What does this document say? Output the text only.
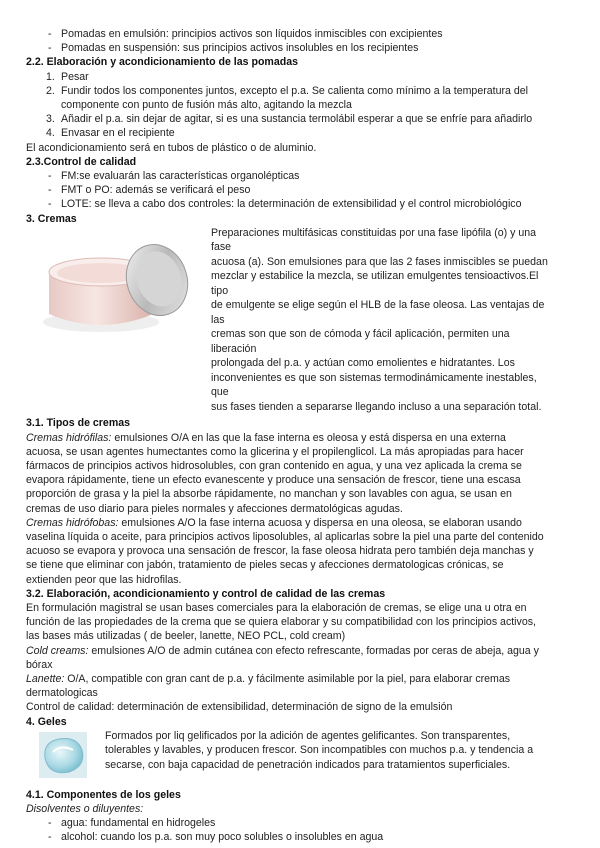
- Pomadas en emulsión: principios activos son líquidos inmiscibles con excipientes

- Pomadas en suspensión: sus principios activos insolubles en los recipientes

2.2. Elaboración y acondicionamiento de las pomadas

1. Pesar

2. Fundir todos los componentes juntos, excepto el p.a. Se calienta como mínimo a la temperatura del

componente con punto de fusión más alto, agitando la mezcla

3. Añadir el p.a. sin dejar de agitar, si es una sustancia termolábil esperar a que se enfríe para añadirlo

4. Envasar en el recipiente

El acondicionamiento será en tubos de plástico o de aluminio.

2.3.Control de calidad

- FM:se evaluarán las características organolépticas

- FMT o PO: además se verificará el peso

- LOTE: se lleva a cabo dos controles: la determinación de extensibilidad y el control microbiológico

3. Cremas

Preparaciones multifásicas constituidas por una fase lipófila (o) y una fase

acuosa (a). Son emulsiones para que las 2 fases inmiscibles se puedan

mezclar y estabilice la mezcla, se utilizan emulgentes tensioactivos.El tipo

de emulgente se elige según el HLB de la fase oleosa. Las ventajas de las

cremas son que son de cómoda y fácil aplicación, permiten una liberación

prolongada del p.a. y actúan como emolientes e hidratantes. Los

inconvenientes es que son sistemas termodinámicamente inestables, que

sus fases tienden a separarse llegando incluso a una separación total.

3.1. Tipos de cremas

Cremas hidrófilas: emulsiones O/A en las que la fase interna es oleosa y está dispersa en una externa

acuosa, se usan agentes humectantes como la glicerina y el propilenglicol. La más apropiadas para hacer

fármacos de principios activos hidrosolubles, con gran contenido en agua, y una vez aplicada la crema se

evapora rápidamente, tiene un efecto evanescente y produce una sensación de frescor, tiene una escasa

proporción de grasa y la piel la absorbe rápidamente, no manchan y son lavables con agua, se usan en

cremas de uso diario para pieles normales y afecciones dermatológicas agudas.

Cremas hidrófobas: emulsiones A/O la fase interna acuosa y dispersa en una oleosa, se elaboran usando

vaselina líquida o aceite, para principios activos liposolubles, al aplicarlas sobre la piel una parte del contenido

acuoso se evapora y provoca una sensación de frescor, la fase oleosa hidrata pero también deja manchas y

se tiene que eliminar con jabón, tratamiento de pieles secas y afecciones dermatologicas crónicas, se

extienden peor que las hidrofilas.

3.2. Elaboración, acondicionamiento y control de calidad de las cremas

En formulación magistral se usan bases comerciales para la elaboración de cremas, se elige una u otra en

función de las propiedades de la crema que se quiera elaborar y su compatibilidad con los principios activos,

las bases más utilizadas ( de beeler, lanette, NEO PCL, cold cream)

Cold creams: emulsiones A/O de admin cutánea con efecto refrescante, formadas por ceras de abeja, agua y

bórax

Lanette: O/A, compatible con gran cant de p.a. y fácilmente asimilable por la piel, para elaborar cremas

dermatologicas

Control de calidad: determinación de extensibilidad, determinación de signo de la emulsión

4. Geles

Formados por liq gelificados por la adición de agentes gelificantes. Son transparentes,

tolerables y lavables, y producen frescor. Son incompatibles con muchos p.a. y tendencia a

secarse, con baja capacidad de penetración indicados para tratamientos superficiales.

4.1. Componentes de los geles

Disolventes o diluyentes:

- agua: fundamental en hidrogeles

- alcohol: cuando los p.a. son muy poco solubles o insolubles en agua
